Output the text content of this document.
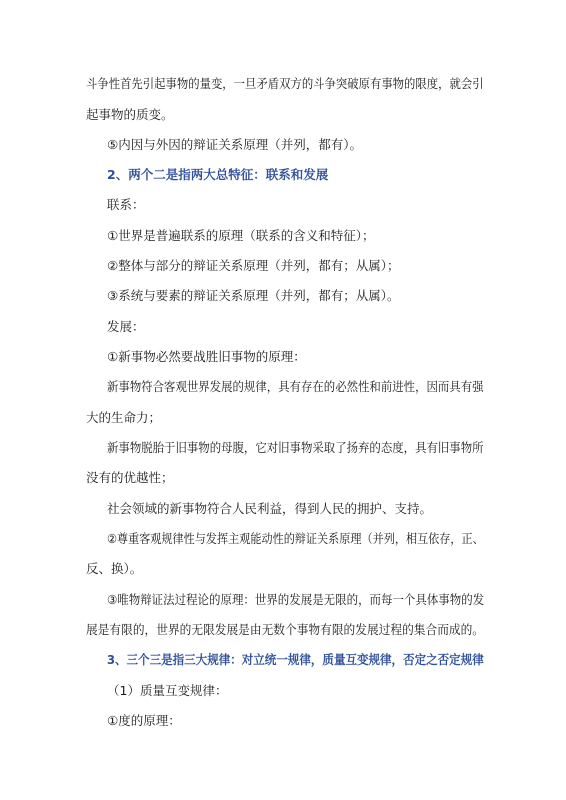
斗争性首先引起事物的量变，一旦矛盾双方的斗争突破原有事物的限度，就会引
起事物的质变。
⑤内因与外因的辩证关系原理（并列，都有）。
2、两个二是指两大总特征：联系和发展
联系：
①世界是普遍联系的原理（联系的含义和特征）；
②整体与部分的辩证关系原理（并列，都有；从属）；
③系统与要素的辩证关系原理（并列，都有；从属）。
发展：
①新事物必然要战胜旧事物的原理：
新事物符合客观世界发展的规律，具有存在的必然性和前进性，因而具有强
大的生命力；
新事物脱胎于旧事物的母腹，它对旧事物采取了扬弃的态度，具有旧事物所
没有的优越性；
社会领域的新事物符合人民利益，得到人民的拥护、支持。
②尊重客观规律性与发挥主观能动性的辩证关系原理（并列，相互依存，正、
反、换）。
③唯物辩证法过程论的原理：世界的发展是无限的，而每一个具体事物的发
展是有限的，世界的无限发展是由无数个事物有限的发展过程的集合而成的。
3、三个三是指三大规律：对立统一规律，质量互变规律，否定之否定规律
（1）质量互变规律：
①度的原理：
